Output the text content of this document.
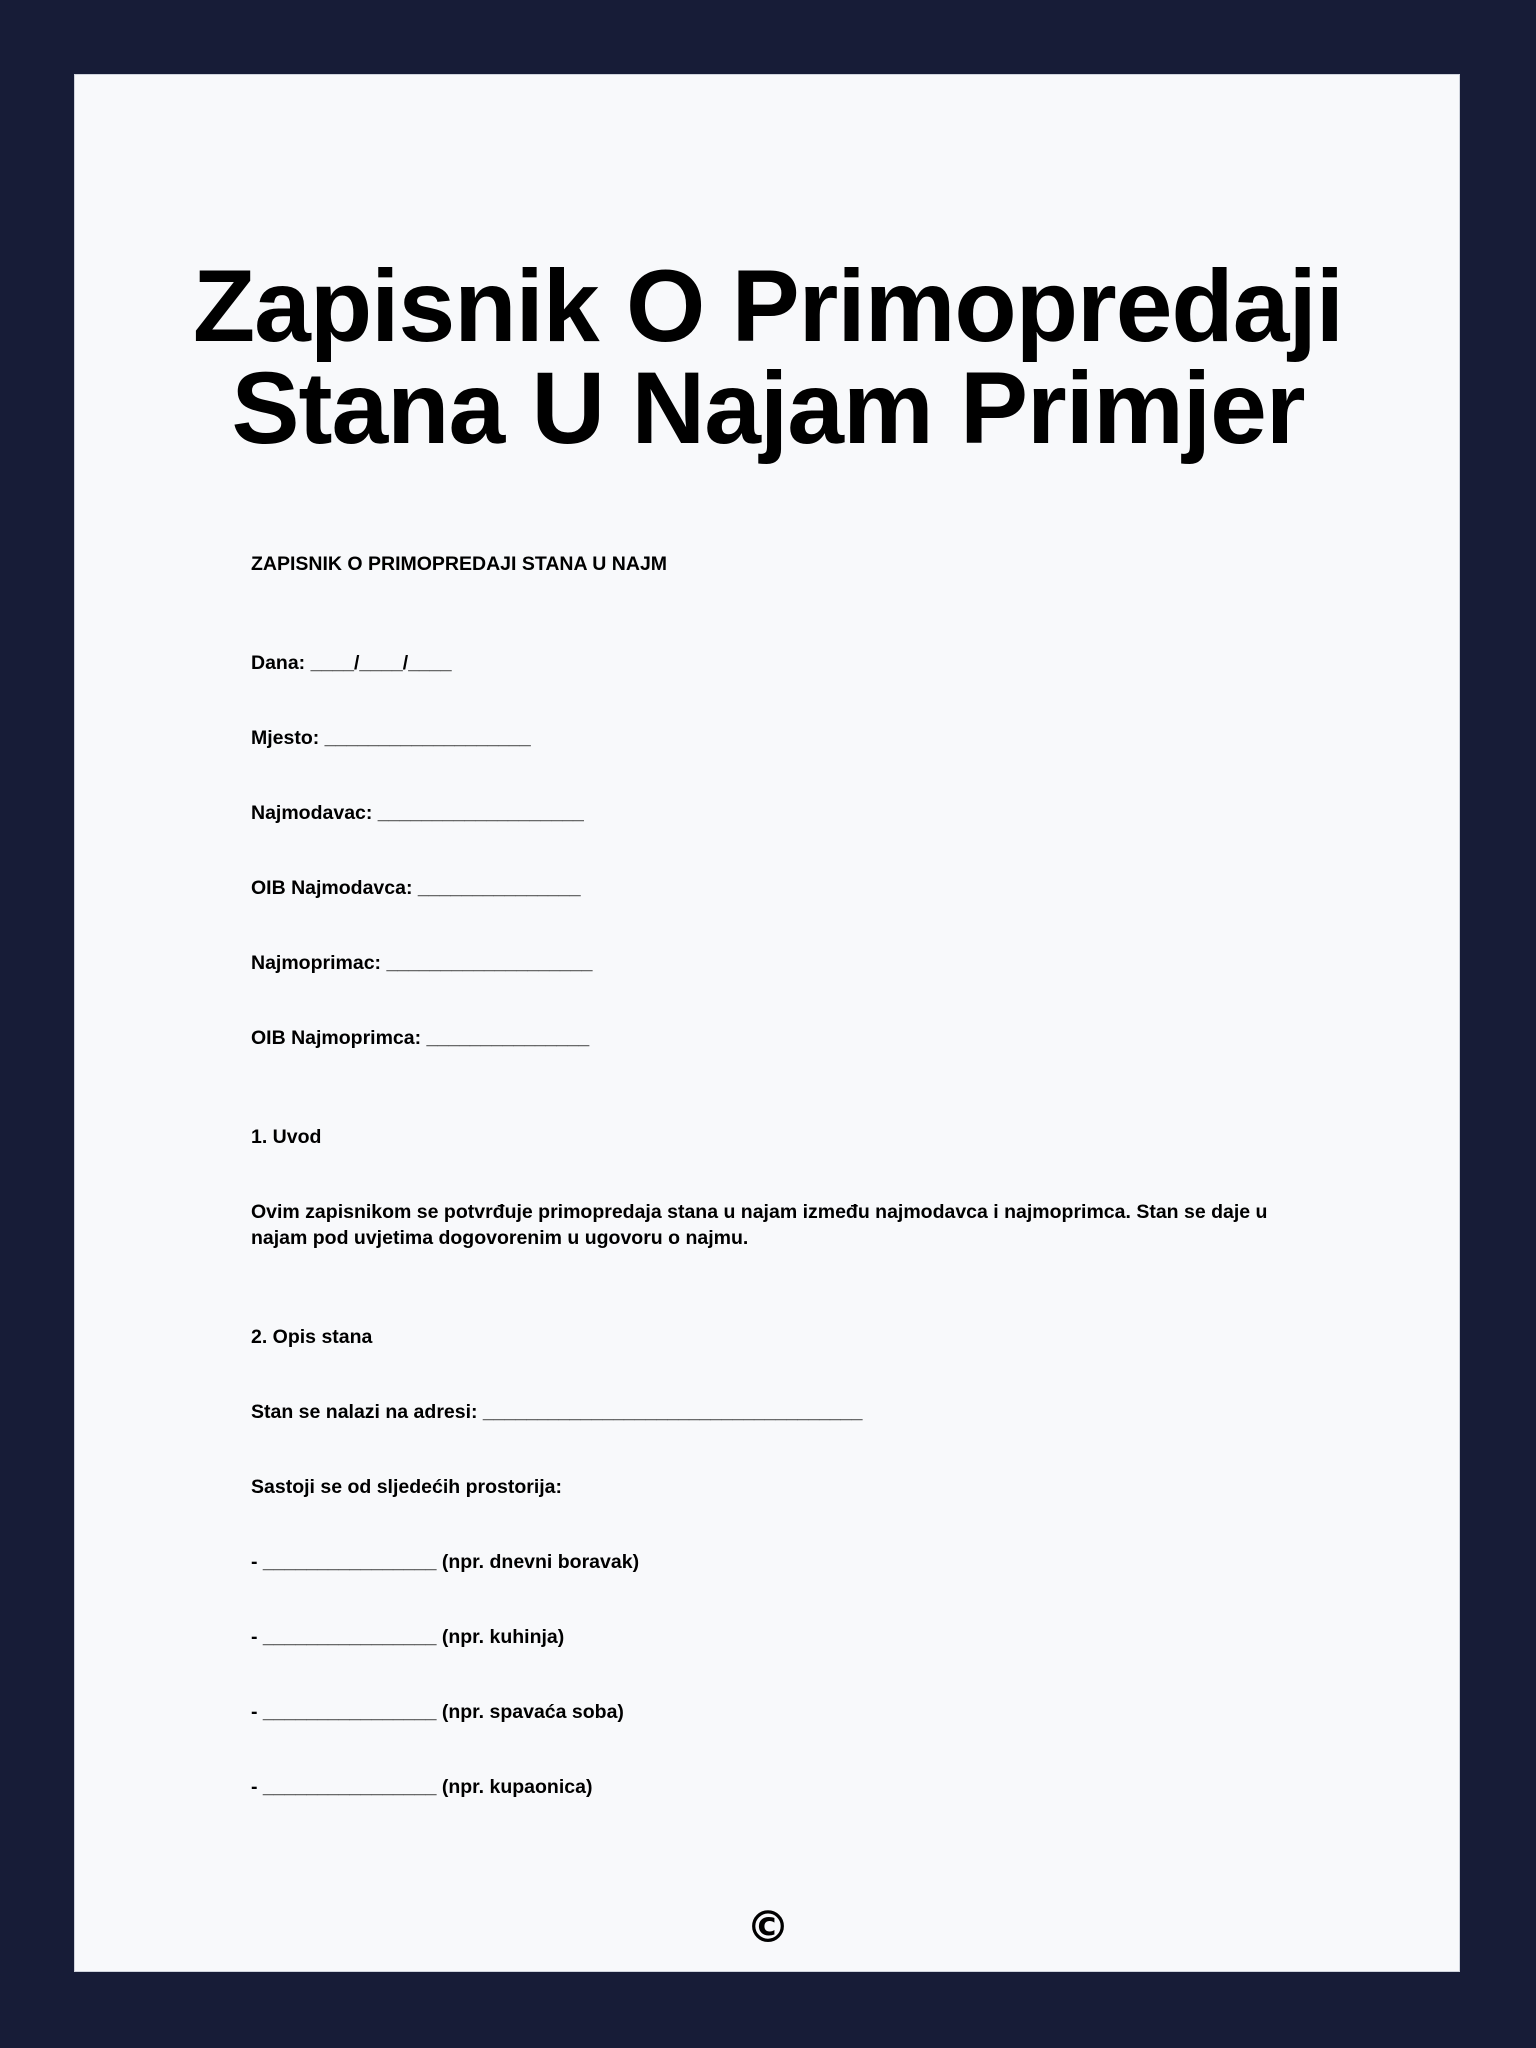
Zapisnik O Primopredaji
Stana U Najam Primjer
ZAPISNIK O PRIMOPREDAJI STANA U NAJM
Dana: ____/____/____
Mjesto: ___________________
Najmodavac: ___________________
OIB Najmodavca: _______________
Najmoprimac: ___________________
OIB Najmoprimca: _______________
1. Uvod
Ovim zapisnikom se potvrđuje primopredaja stana u najam između najmodavca i najmoprimca. Stan se daje u najam pod uvjetima dogovorenim u ugovoru o najmu.
2. Opis stana
Stan se nalazi na adresi: ___________________________________
Sastoji se od sljedećih prostorija:
- ________________ (npr. dnevni boravak)
- ________________ (npr. kuhinja)
- ________________ (npr. spavaća soba)
- ________________ (npr. kupaonica)
©
